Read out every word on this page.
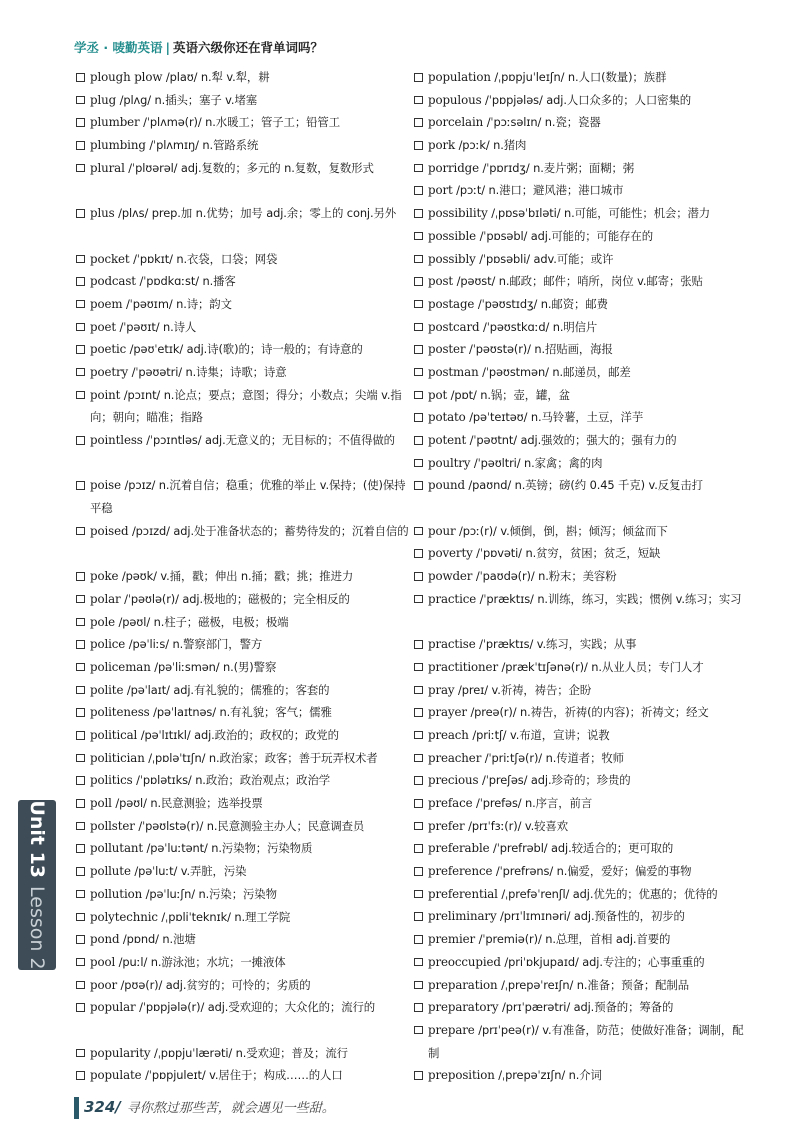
学丞 · 唛勤英语 | 英语六级你还在背单词吗？
plough plow /plaʊ/ n.犁 v.犁，耕
plug /plʌg/ n.插头；塞子 v.堵塞
plumber /ˈplʌmə(r)/ n.水暖工；管子工；铅管工
plumbing /ˈplʌmɪŋ/ n.管路系统
plural /ˈplʊərəl/ adj.复数的；多元的 n.复数，复数形式
plus /plʌs/ prep.加 n.优势；加号 adj.余；零上的 conj.另外
pocket /ˈpɒkɪt/ n.衣袋，口袋；网袋
podcast /ˈpɒdkɑːst/ n.播客
poem /ˈpəʊɪm/ n.诗；韵文
poet /ˈpəʊɪt/ n.诗人
poetic /pəʊˈetɪk/ adj.诗(歌)的；诗一般的；有诗意的
poetry /ˈpəʊətri/ n.诗集；诗歌；诗意
point /pɔɪnt/ n.论点；要点；意图；得分；小数点；尖端 v.指向；朝向；瞄准；指路
pointless /ˈpɔɪntləs/ adj.无意义的；无目标的；不值得做的
poise /pɔɪz/ n.沉着自信；稳重；优雅的举止 v.保持；(使)保持平稳
poised /pɔɪzd/ adj.处于准备状态的；蓄势待发的；沉着自信的
poke /pəʊk/ v.捅，戳；伸出 n.捅；戳；挑；推进力
polar /ˈpəʊlə(r)/ adj.极地的；磁极的；完全相反的
pole /pəʊl/ n.柱子；磁极，电极；极端
police /pəˈliːs/ n.警察部门，警方
policeman /pəˈliːsmən/ n.(男)警察
polite /pəˈlaɪt/ adj.有礼貌的；儒雅的；客套的
politeness /pəˈlaɪtnəs/ n.有礼貌；客气；儒雅
political /pəˈlɪtɪkl/ adj.政治的；政权的；政党的
politician /ˌpɒləˈtɪʃn/ n.政治家；政客；善于玩弄权术者
politics /ˈpɒlətɪks/ n.政治；政治观点；政治学
poll /pəʊl/ n.民意测验；选举投票
pollster /ˈpəʊlstə(r)/ n.民意测验主办人；民意调查员
pollutant /pəˈluːtənt/ n.污染物；污染物质
pollute /pəˈluːt/ v.弄脏，污染
pollution /pəˈluːʃn/ n.污染；污染物
polytechnic /ˌpɒliˈteknɪk/ n.理工学院
pond /pɒnd/ n.池塘
pool /puːl/ n.游泳池；水坑；一摊液体
poor /pʊə(r)/ adj.贫穷的；可怜的；劣质的
popular /ˈpɒpjələ(r)/ adj.受欢迎的；大众化的；流行的
popularity /ˌpɒpjuˈlærəti/ n.受欢迎；普及；流行
populate /ˈpɒpjuleɪt/ v.居住于；构成……的人口
population /ˌpɒpjuˈleɪʃn/ n.人口(数量)；族群
populous /ˈpɒpjələs/ adj.人口众多的；人口密集的
porcelain /ˈpɔːsəlɪn/ n.瓷；瓷器
pork /pɔːk/ n.猪肉
porridge /ˈpɒrɪdʒ/ n.麦片粥；面糊；粥
port /pɔːt/ n.港口；避风港；港口城市
possibility /ˌpɒsəˈbɪləti/ n.可能，可能性；机会；潜力
possible /ˈpɒsəbl/ adj.可能的；可能存在的
possibly /ˈpɒsəbli/ adv.可能；或许
post /pəʊst/ n.邮政；邮件；哨所，岗位 v.邮寄；张贴
postage /ˈpəʊstɪdʒ/ n.邮资；邮费
postcard /ˈpəʊstkɑːd/ n.明信片
poster /ˈpəʊstə(r)/ n.招贴画，海报
postman /ˈpəʊstmən/ n.邮递员，邮差
pot /pɒt/ n.锅；壶，罐，盆
potato /pəˈteɪtəʊ/ n.马铃薯，土豆，洋芋
potent /ˈpəʊtnt/ adj.强效的；强大的；强有力的
poultry /ˈpəʊltri/ n.家禽；禽的肉
pound /paʊnd/ n.英镑；磅(约 0.45 千克) v.反复击打
pour /pɔː(r)/ v.倾倒，倒，斟；倾泻；倾盆而下
poverty /ˈpɒvəti/ n.贫穷，贫困；贫乏，短缺
powder /ˈpaʊdə(r)/ n.粉末；美容粉
practice /ˈpræktɪs/ n.训练，练习，实践；惯例 v.练习；实习
practise /ˈpræktɪs/ v.练习，实践；从事
practitioner /prækˈtɪʃənə(r)/ n.从业人员；专门人才
pray /preɪ/ v.祈祷，祷告；企盼
prayer /preə(r)/ n.祷告，祈祷(的内容)；祈祷文；经文
preach /priːtʃ/ v.布道，宣讲；说教
preacher /ˈpriːtʃə(r)/ n.传道者；牧师
precious /ˈpreʃəs/ adj.珍奇的；珍贵的
preface /ˈprefəs/ n.序言，前言
prefer /prɪˈfɜː(r)/ v.较喜欢
preferable /ˈprefrəbl/ adj.较适合的；更可取的
preference /ˈprefrəns/ n.偏爱，爱好；偏爱的事物
preferential /ˌprefəˈrenʃl/ adj.优先的；优惠的；优待的
preliminary /prɪˈlɪmɪnəri/ adj.预备性的，初步的
premier /ˈpremiə(r)/ n.总理，首相 adj.首要的
preoccupied /priˈɒkjupaɪd/ adj.专注的；心事重重的
preparation /ˌprepəˈreɪʃn/ n.准备；预备；配制品
preparatory /prɪˈpærətri/ adj.预备的；筹备的
prepare /prɪˈpeə(r)/ v.有准备，防范；使做好准备；调制，配制
preposition /ˌprepəˈzɪʃn/ n.介词
Unit 13Lesson 2
324/ 寻你熬过那些苦，就会遇见一些甜。
